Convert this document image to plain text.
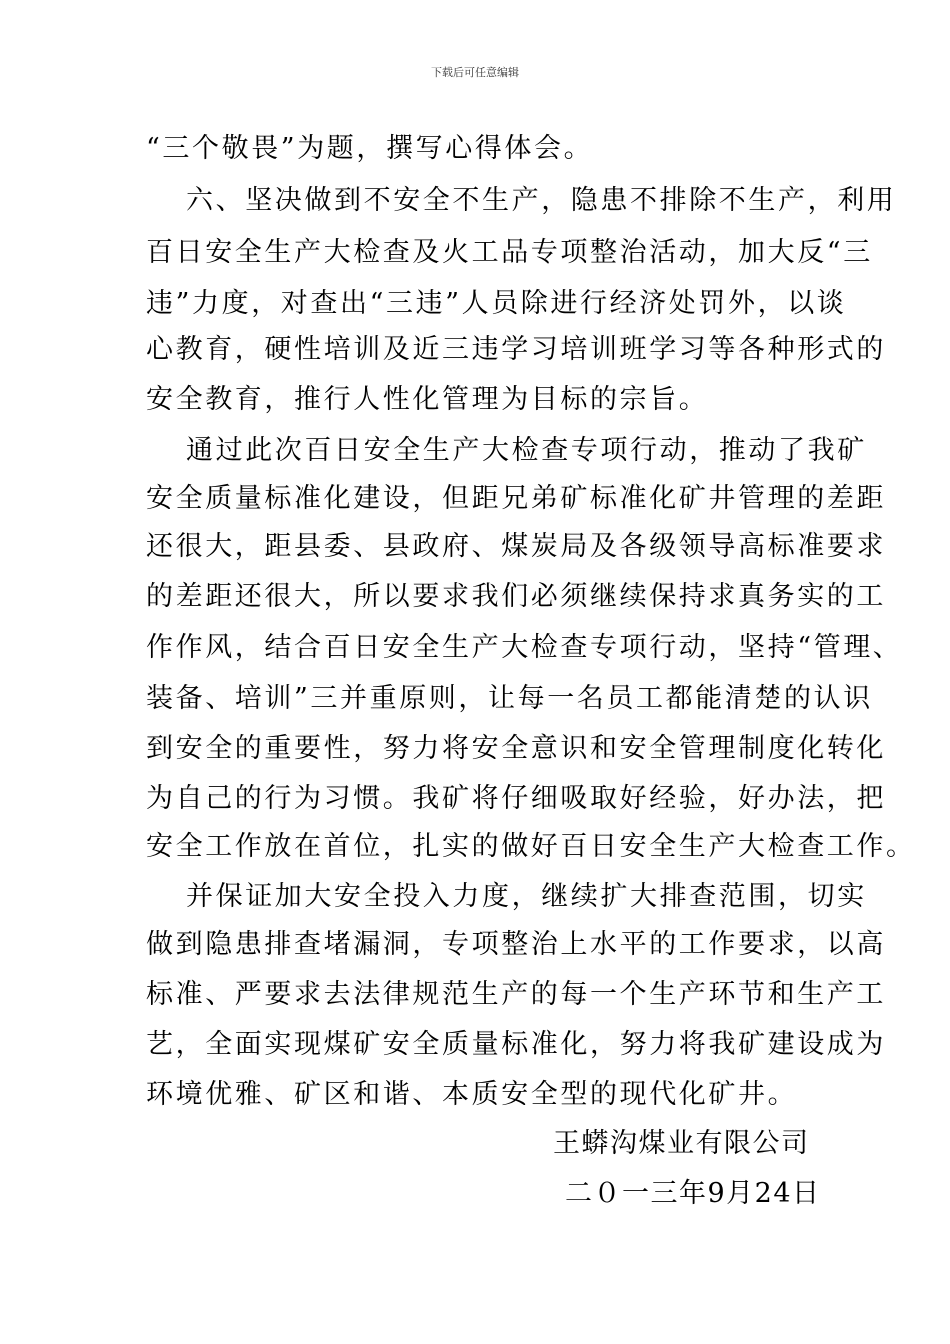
下载后可任意编辑
“三个敬畏”为题，撰写心得体会。
六、坚决做到不安全不生产，隐患不排除不生产，利用
百日安全生产大检查及火工品专项整治活动，加大反“三
违”力度，对查出“三违”人员除进行经济处罚外，以谈
心教育，硬性培训及近三违学习培训班学习等各种形式的
安全教育，推行人性化管理为目标的宗旨。
通过此次百日安全生产大检查专项行动，推动了我矿
安全质量标准化建设，但距兄弟矿标准化矿井管理的差距
还很大，距县委、县政府、煤炭局及各级领导高标准要求
的差距还很大，所以要求我们必须继续保持求真务实的工
作作风，结合百日安全生产大检查专项行动，坚持“管理、
装备、培训”三并重原则，让每一名员工都能清楚的认识
到安全的重要性，努力将安全意识和安全管理制度化转化
为自己的行为习惯。我矿将仔细吸取好经验，好办法，把
安全工作放在首位，扎实的做好百日安全生产大检查工作。
并保证加大安全投入力度，继续扩大排查范围，切实
做到隐患排查堵漏洞，专项整治上水平的工作要求，以高
标准、严要求去法律规范生产的每一个生产环节和生产工
艺，全面实现煤矿安全质量标准化，努力将我矿建设成为
环境优雅、矿区和谐、本质安全型的现代化矿井。
王蟒沟煤业有限公司
二０一三年9月24日
